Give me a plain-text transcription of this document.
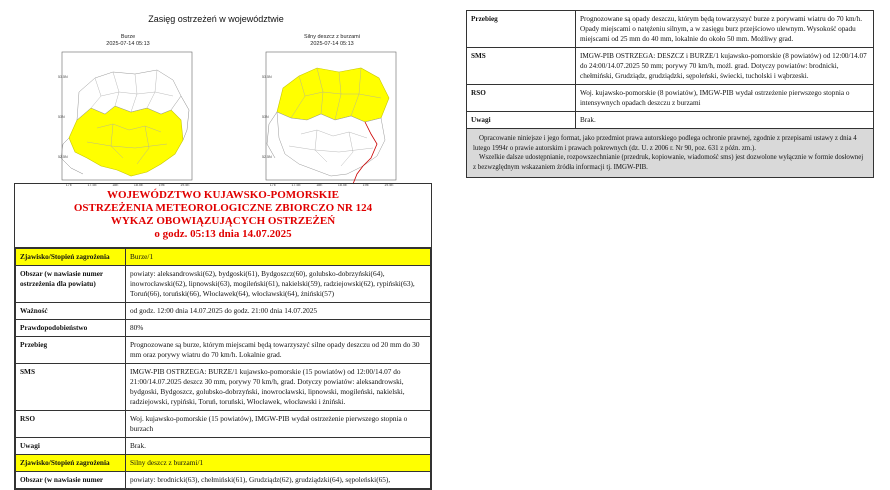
Zasięg ostrzeżeń w województwie
Burze
2025-07-14 05:13
17E	17.5E	18E	18.5E	19E	19.5E
53.5N
53N
52.5N
Silny deszcz z burzami
2025-07-14 05:13
17E	17.5E	18E	18.5E	19E	19.5E
53.5N
53N
52.5N
WOJEWÓDZTWO KUJAWSKO-POMORSKIE
OSTRZEŻENIA METEOROLOGICZNE ZBIORCZO NR 124
WYKAZ OBOWIĄZUJĄCYCH OSTRZEŻEŃ
o godz. 05:13 dnia 14.07.2025
Zjawisko/Stopień zagrożenia	Burze/1
Obszar (w nawiasie numer ostrzeżenia dla powiatu)	powiaty: aleksandrowski(62), bydgoski(61), Bydgoszcz(60), golubsko-dobrzyński(64), inowrocławski(62), lipnowski(63), mogileński(61), nakielski(59), radziejowski(62), rypiński(63), Toruń(66), toruński(66), Włocławek(64), włocławski(64), żniński(57)
Ważność	od godz. 12:00 dnia 14.07.2025 do godz. 21:00 dnia 14.07.2025
Prawdopodobieństwo	80%
Przebieg	Prognozowane są burze, którym miejscami będą towarzyszyć silne opady deszczu od 20 mm do 30 mm oraz porywy wiatru do 70 km/h. Lokalnie grad.
SMS	IMGW-PIB OSTRZEGA: BURZE/1 kujawsko-pomorskie (15 powiatów) od 12:00/14.07 do 21:00/14.07.2025 deszcz 30 mm, porywy 70 km/h, grad. Dotyczy powiatów: aleksandrowski, bydgoski, Bydgoszcz, golubsko-dobrzyński, inowrocławski, lipnowski, mogileński, nakielski, radziejowski, rypiński, Toruń, toruński, Włocławek, włocławski i żniński.
RSO	Woj. kujawsko-pomorskie (15 powiatów), IMGW-PIB wydał ostrzeżenie pierwszego stopnia o burzach
Uwagi	Brak.
Zjawisko/Stopień zagrożenia	Silny deszcz z burzami/1
Obszar (w nawiasie numer	powiaty: brodnicki(63), chełmiński(61), Grudziądz(62), grudziądzki(64), sępoleński(65),
Przebieg	Prognozowane są opady deszczu, którym będą towarzyszyć burze z porywami wiatru do 70 km/h. Opady miejscami o natężeniu silnym, a w zasięgu burz przejściowo ulewnym. Wysokość opadu miejscami od 25 mm do 40 mm, lokalnie do około 50 mm. Możliwy grad.
SMS	IMGW-PIB OSTRZEGA: DESZCZ i BURZE/1 kujawsko-pomorskie (8 powiatów) od 12:00/14.07 do 24:00/14.07.2025 50 mm; porywy 70 km/h, możl. grad. Dotyczy powiatów: brodnicki, chełmiński, Grudziądz, grudziądzki, sępoleński, świecki, tucholski i wąbrzeski.
RSO	Woj. kujawsko-pomorskie (8 powiatów), IMGW-PIB wydał ostrzeżenie pierwszego stopnia o intensywnych opadach deszczu z burzami
Uwagi	Brak.
Opracowanie niniejsze i jego format, jako przedmiot prawa autorskiego podlega ochronie prawnej, zgodnie z przepisami ustawy z dnia 4 lutego 1994r o prawie autorskim i prawach pokrewnych (dz. U. z 2006 r. Nr 90, poz. 631 z późn. zm.).
Wszelkie dalsze udostępnianie, rozpowszechnianie (przedruk, kopiowanie, wiadomość sms) jest dozwolone wyłącznie w formie dosłownej z bezwzględnym wskazaniem źródła informacji tj. IMGW-PIB.
